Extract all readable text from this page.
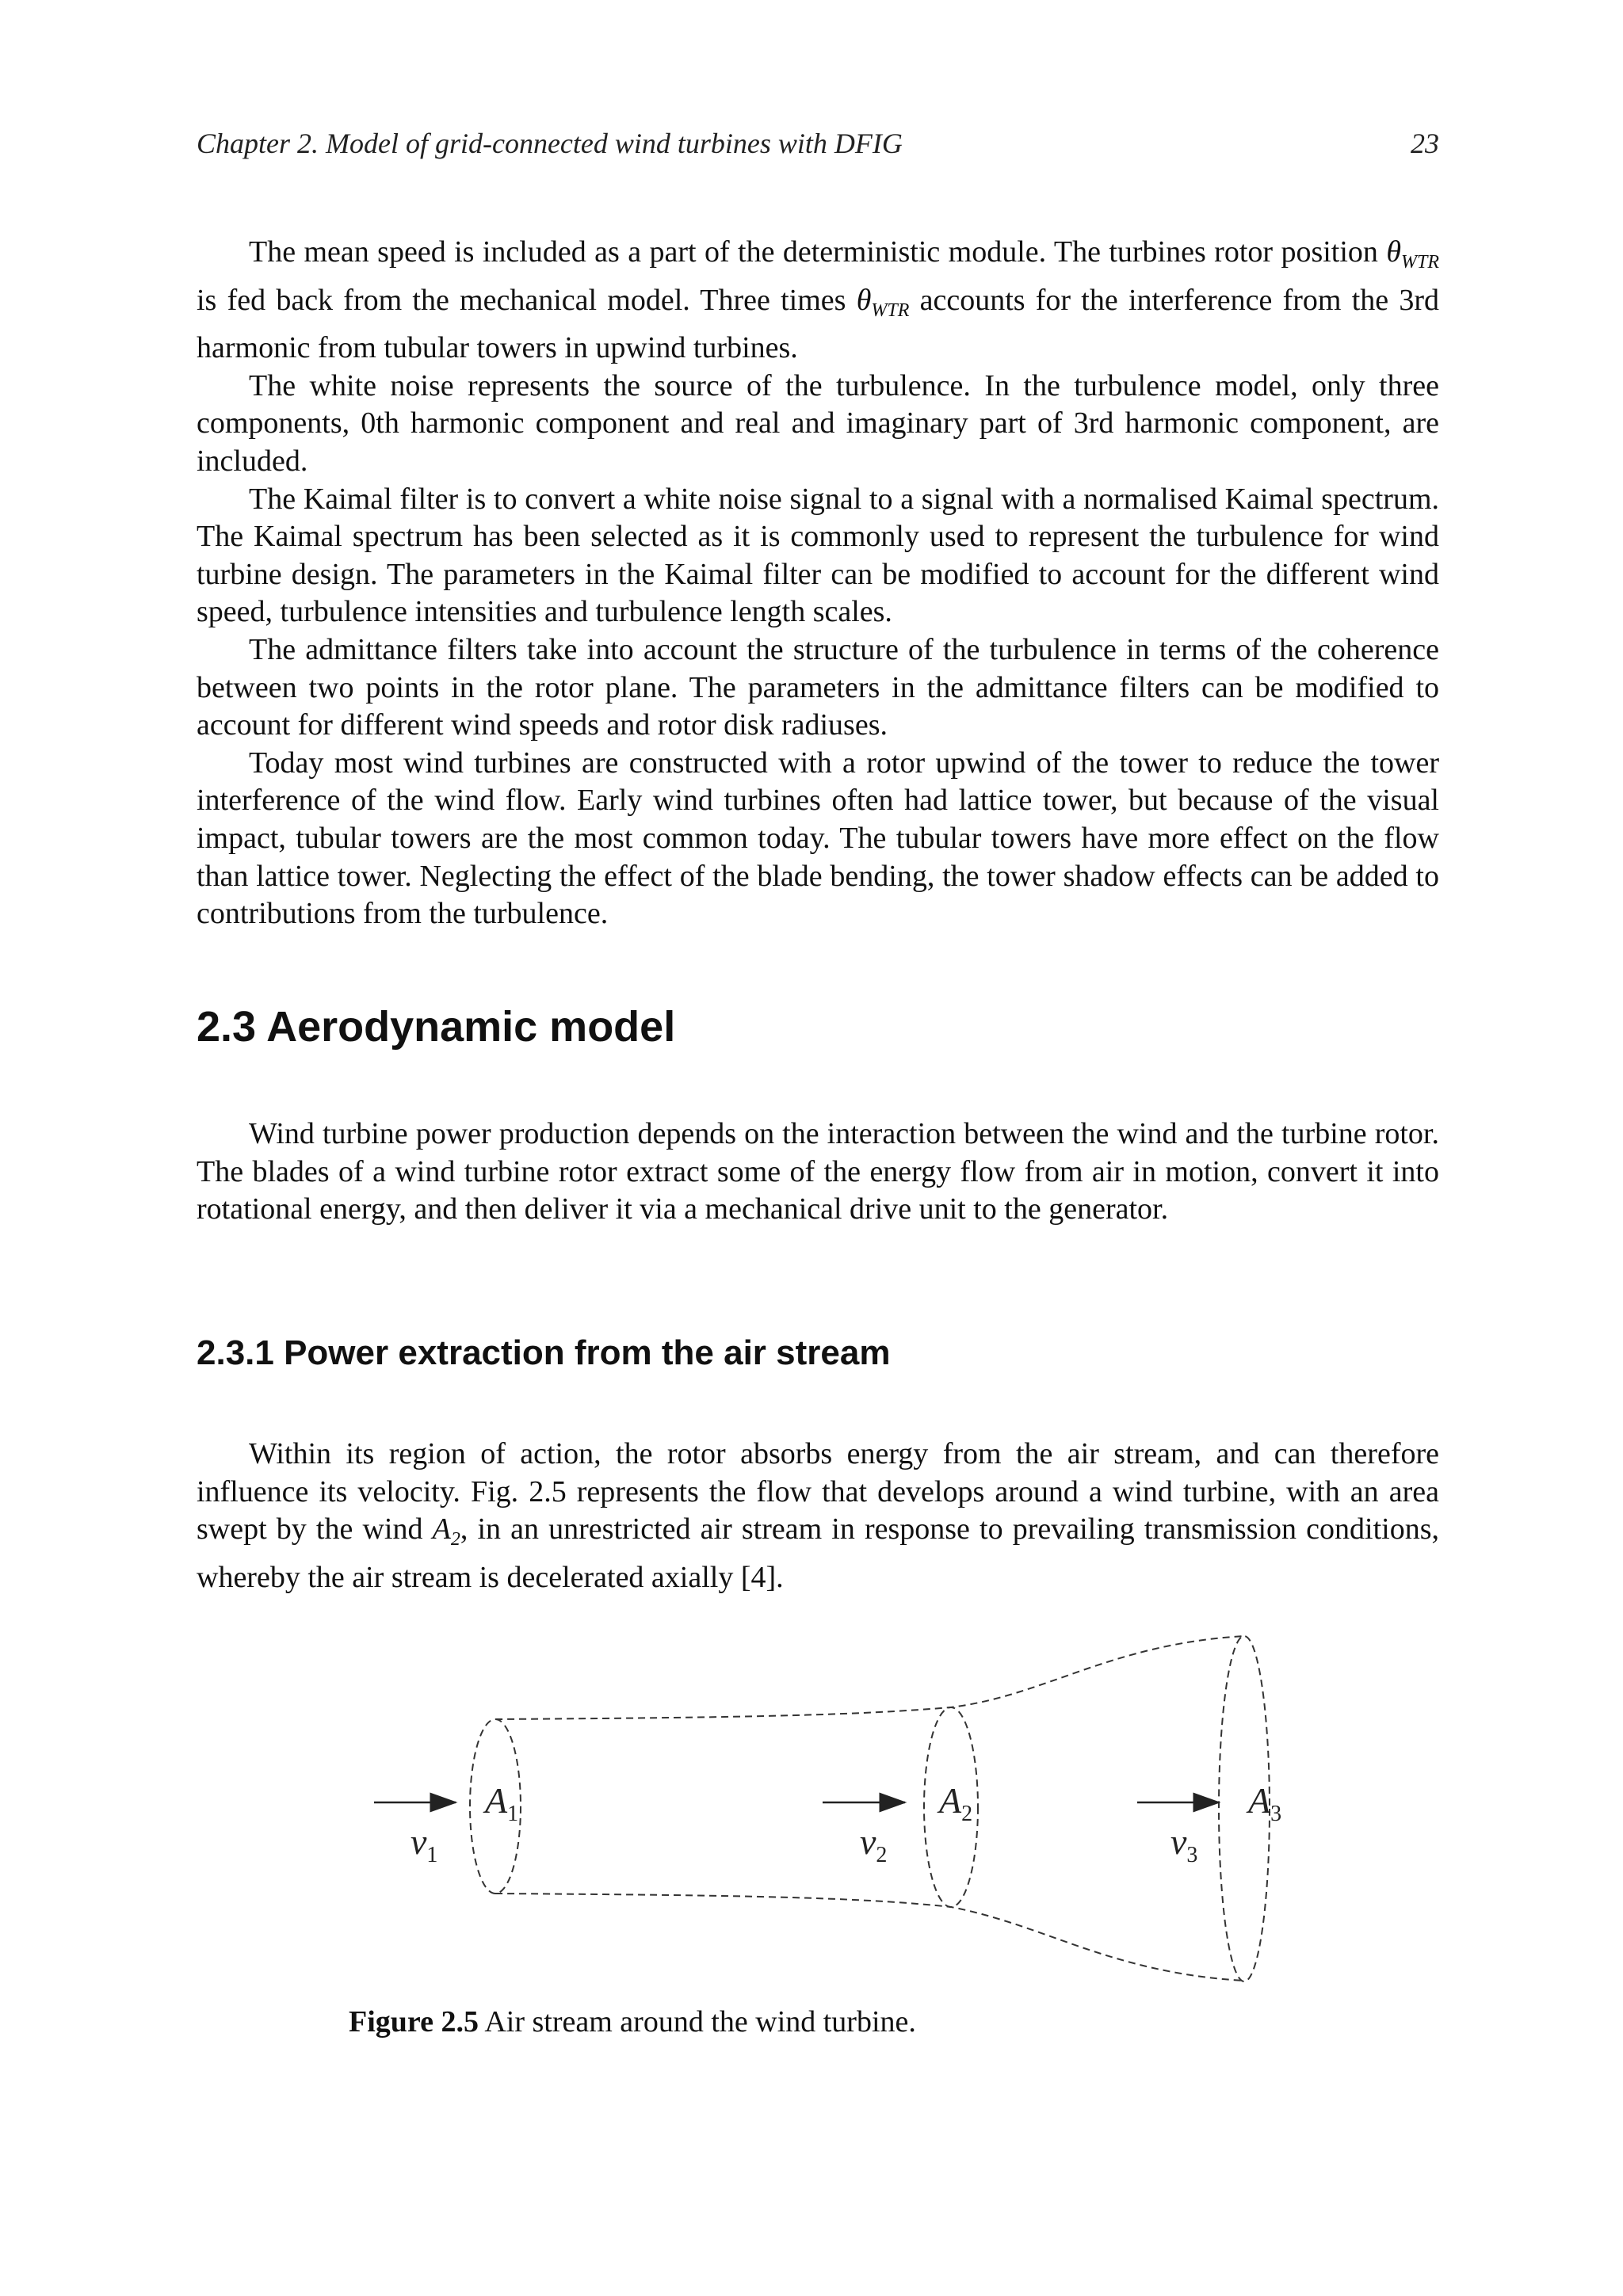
Chapter 2. Model of grid-connected wind turbines with DFIG	23

The mean speed is included as a part of the deterministic module. The turbines rotor position $\theta_{WTR}$ is fed back from the mechanical model. Three times $\theta_{WTR}$ accounts for the interference from the 3rd harmonic from tubular towers in upwind turbines.

The white noise represents the source of the turbulence. In the turbulence model, only three components, 0th harmonic component and real and imaginary part of 3rd harmonic component, are included.

The Kaimal filter is to convert a white noise signal to a signal with a normalised Kaimal spectrum. The Kaimal spectrum has been selected as it is commonly used to represent the turbulence for wind turbine design. The parameters in the Kaimal filter can be modified to account for the different wind speed, turbulence intensities and turbulence length scales.

The admittance filters take into account the structure of the turbulence in terms of the coherence between two points in the rotor plane. The parameters in the admittance filters can be modified to account for different wind speeds and rotor disk radiuses.

Today most wind turbines are constructed with a rotor upwind of the tower to reduce the tower interference of the wind flow. Early wind turbines often had lattice tower, but because of the visual impact, tubular towers are the most common today. The tubular towers have more effect on the flow than lattice tower. Neglecting the effect of the blade bending, the tower shadow effects can be added to contributions from the turbulence.

2.3 Aerodynamic model

Wind turbine power production depends on the interaction between the wind and the turbine rotor. The blades of a wind turbine rotor extract some of the energy flow from air in motion, convert it into rotational energy, and then deliver it via a mechanical drive unit to the generator.

2.3.1 Power extraction from the air stream

Within its region of action, the rotor absorbs energy from the air stream, and can therefore influence its velocity. Fig. 2.5 represents the flow that develops around a wind turbine, with an area swept by the wind $A_2$, in an unrestricted air stream in response to prevailing transmission conditions, whereby the air stream is decelerated axially [4].

A1	A2	A3
v1	v2	v3
Figure 2.5 Air stream around the wind turbine.
